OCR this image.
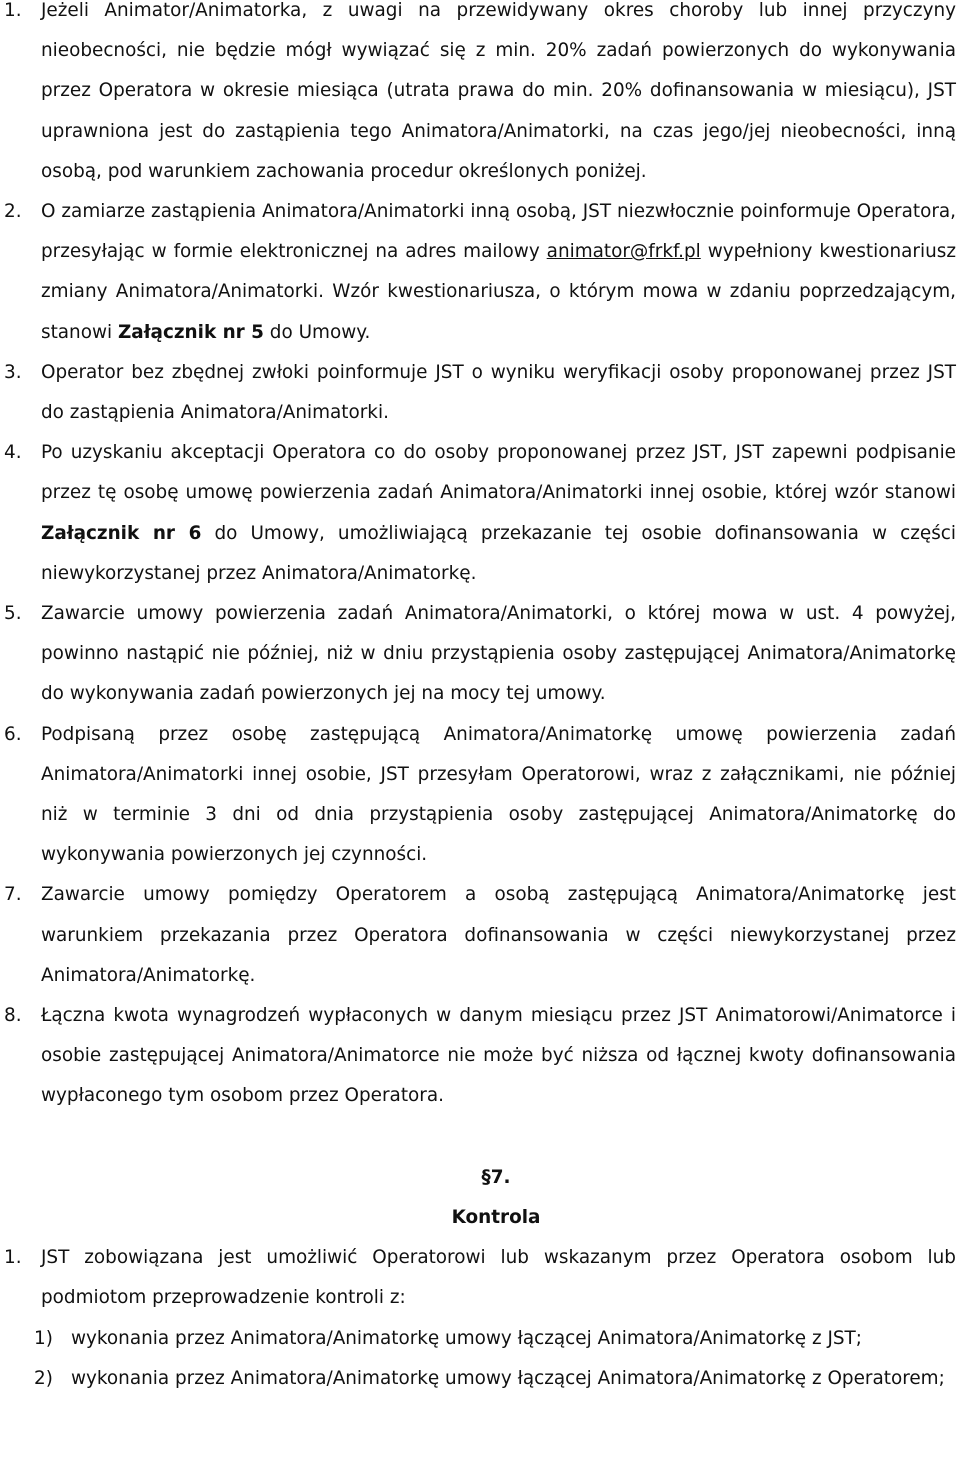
1. Jeżeli Animator/Animatorka, z uwagi na przewidywany okres choroby lub innej przyczyny nieobecności, nie będzie mógł wywiązać się z min. 20% zadań powierzonych do wykonywania przez Operatora w okresie miesiąca (utrata prawa do min. 20% dofinansowania w miesiącu), JST uprawniona jest do zastąpienia tego Animatora/Animatorki, na czas jego/jej nieobecności, inną osobą, pod warunkiem zachowania procedur określonych poniżej.
2. O zamiarze zastąpienia Animatora/Animatorki inną osobą, JST niezwłocznie poinformuje Operatora, przesyłając w formie elektronicznej na adres mailowy animator@frkf.pl wypełniony kwestionariusz zmiany Animatora/Animatorki. Wzór kwestionariusza, o którym mowa w zdaniu poprzedzającym, stanowi Załącznik nr 5 do Umowy.
3. Operator bez zbędnej zwłoki poinformuje JST o wyniku weryfikacji osoby proponowanej przez JST do zastąpienia Animatora/Animatorki.
4. Po uzyskaniu akceptacji Operatora co do osoby proponowanej przez JST, JST zapewni podpisanie przez tę osobę umowę powierzenia zadań Animatora/Animatorki innej osobie, której wzór stanowi Załącznik nr 6 do Umowy, umożliwiającą przekazanie tej osobie dofinansowania w części niewykorzystanej przez Animatora/Animatorkę.
5. Zawarcie umowy powierzenia zadań Animatora/Animatorki, o której mowa w ust. 4 powyżej, powinno nastąpić nie później, niż w dniu przystąpienia osoby zastępującej Animatora/Animatorkę do wykonywania zadań powierzonych jej na mocy tej umowy.
6. Podpisaną przez osobę zastępującą Animatora/Animatorkę umowę powierzenia zadań Animatora/Animatorki innej osobie, JST przesyłam Operatorowi, wraz z załącznikami, nie później niż w terminie 3 dni od dnia przystąpienia osoby zastępującej Animatora/Animatorkę do wykonywania powierzonych jej czynności.
7. Zawarcie umowy pomiędzy Operatorem a osobą zastępującą Animatora/Animatorkę jest warunkiem przekazania przez Operatora dofinansowania w części niewykorzystanej przez Animatora/Animatorkę.
8. Łączna kwota wynagrodzeń wypłaconych w danym miesiącu przez JST Animatorowi/Animatorce i osobie zastępującej Animatora/Animatorce nie może być niższa od łącznej kwoty dofinansowania wypłaconego tym osobom przez Operatora.
§7.
Kontrola
1. JST zobowiązana jest umożliwić Operatorowi lub wskazanym przez Operatora osobom lub podmiotom przeprowadzenie kontroli z:
1) wykonania przez Animatora/Animatorkę umowy łączącej Animatora/Animatorkę z JST;
2) wykonania przez Animatora/Animatorkę umowy łączącej Animatora/Animatorkę z Operatorem;
